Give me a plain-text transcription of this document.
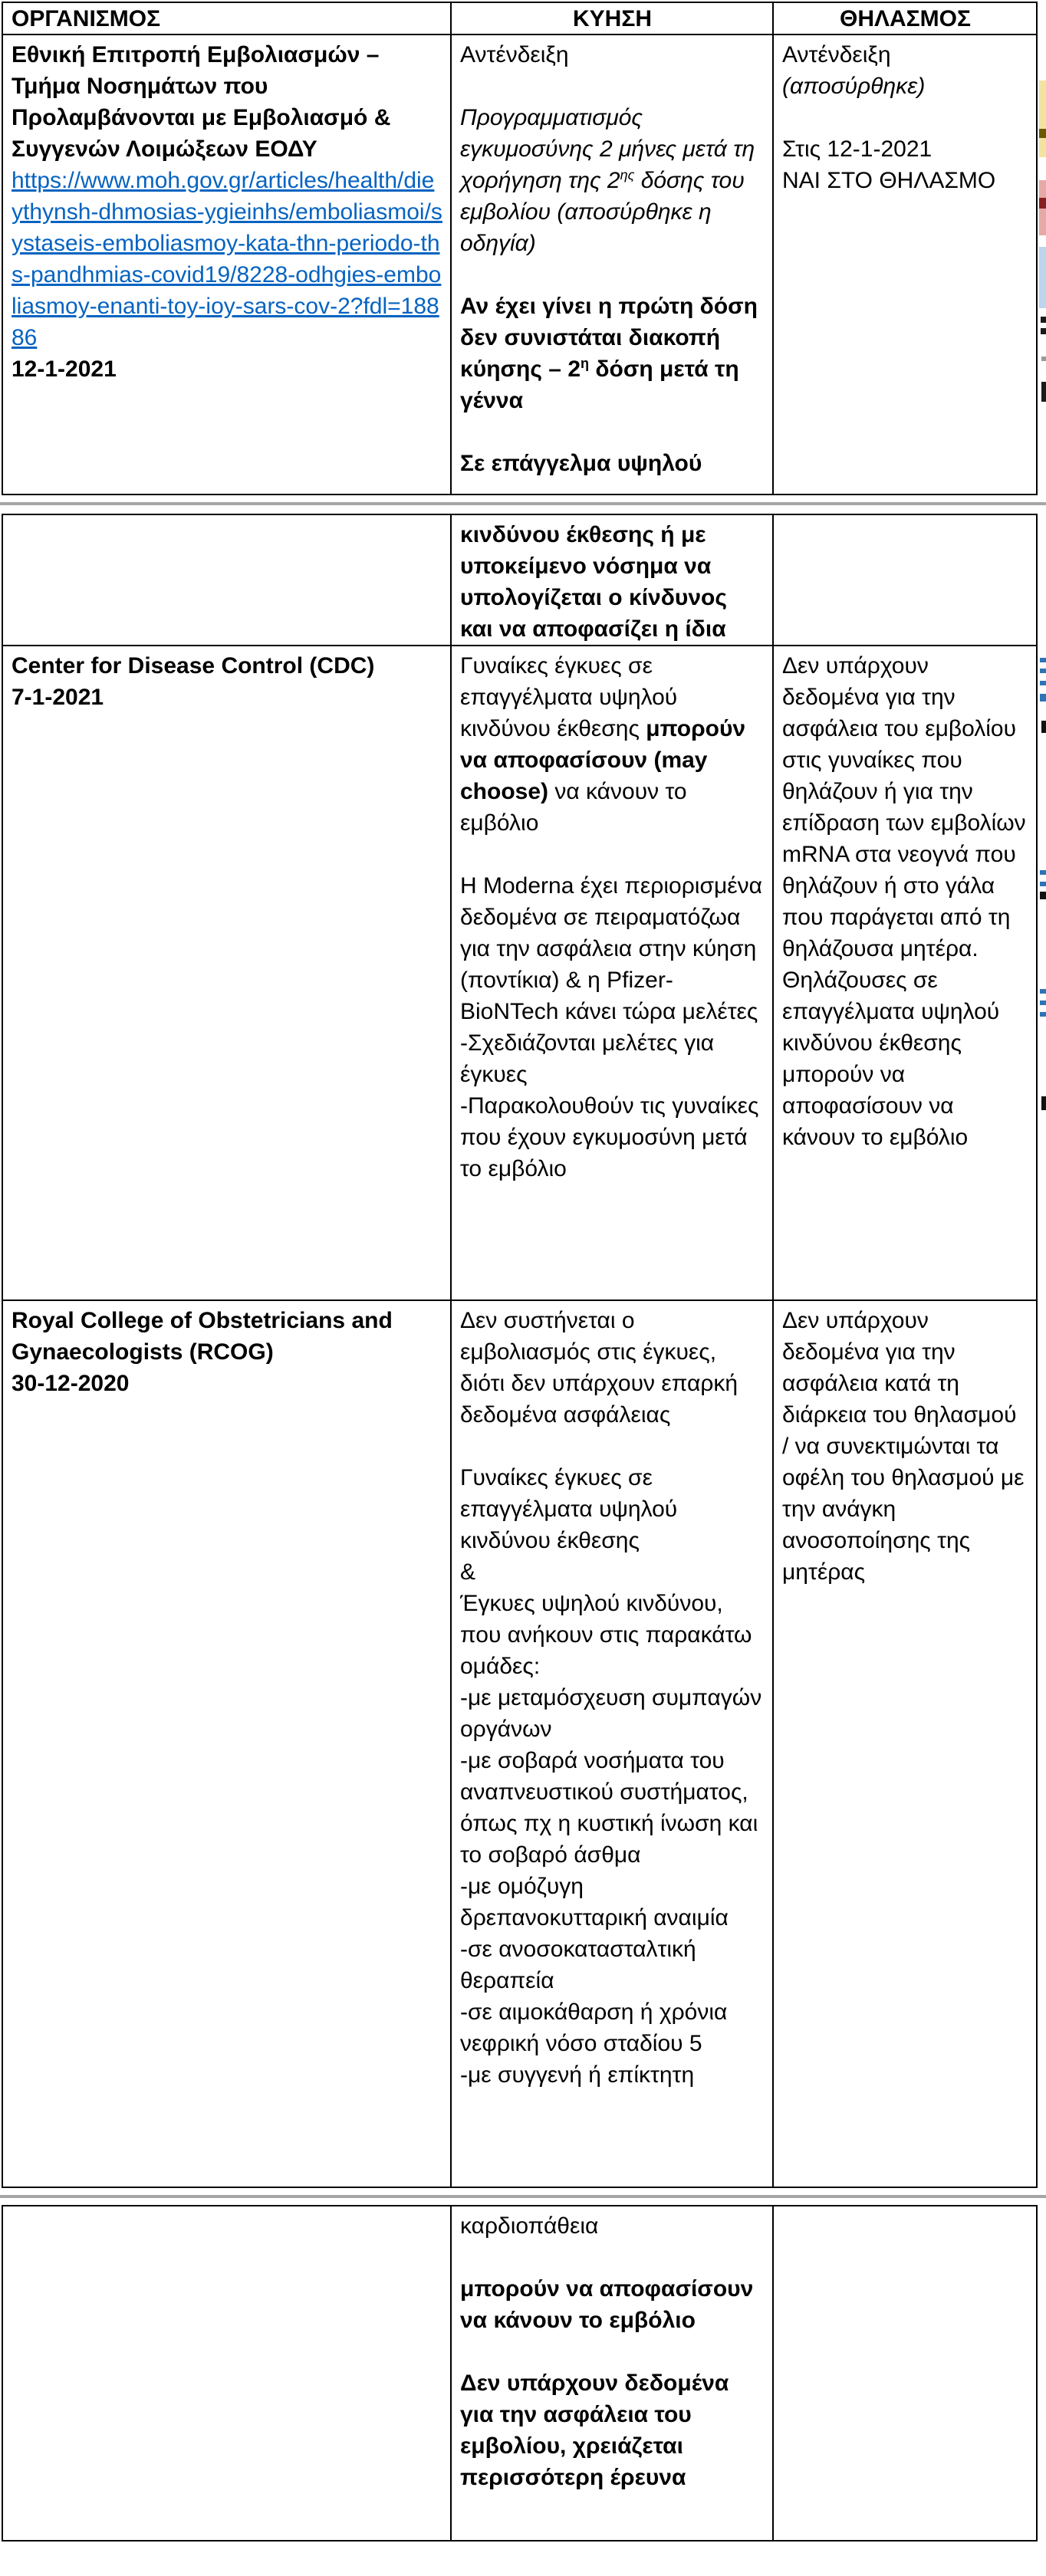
ΟΡΓΑΝΙΣΜΟΣ	ΚΥΗΣΗ	ΘΗΛΑΣΜΟΣ

Εθνική Επιτροπή Εμβολιασμών – Τμήμα Νοσημάτων που Προλαμβάνονται με Εμβολιασμό & Συγγενών Λοιμώξεων ΕΟΔΥ

https://www.moh.gov.gr/articles/health/dieythynsh-dhmosias-ygieinhs/emboliasmoi/systaseis-emboliasmoy-kata-thn-periodo-ths-pandhmias-covid19/8228-odhgies-emboliasmoy-enanti-toy-ioy-sars-cov-2?fdl=18886

12-1-2021

Αντένδειξη

Προγραμματισμός εγκυμοσύνης 2 μήνες μετά τη χορήγηση της $2^{\eta\varsigma}$ δόσης του εμβολίου (αποσύρθηκε η οδηγία)

Αν έχει γίνει η πρώτη δόση δεν συνιστάται διακοπή κύησης – $2^\eta$ δόση μετά τη γέννα

Σε επάγγελμα υψηλού

Αντένδειξη

(αποσύρθηκε)

Στις 12-1-2021

ΝΑΙ ΣΤΟ ΘΗΛΑΣΜΟ

κινδύνου έκθεσης ή με υποκείμενο νόσημα να υπολογίζεται ο κίνδυνος και να αποφασίζει η ίδια

Center for Disease Control (CDC)

7-1-2021

Γυναίκες έγκυες σε επαγγέλματα υψηλού κινδύνου έκθεσης μπορούν να αποφασίσουν (may choose) να κάνουν το εμβόλιο

Η Moderna έχει περιορισμένα δεδομένα σε πειραματόζωα για την ασφάλεια στην κύηση (ποντίκια) & η Pfizer-BioNTech κάνει τώρα μελέτες

-Σχεδιάζονται μελέτες για έγκυες

-Παρακολουθούν τις γυναίκες που έχουν εγκυμοσύνη μετά το εμβόλιο

Δεν υπάρχουν δεδομένα για την ασφάλεια του εμβολίου στις γυναίκες που θηλάζουν ή για την επίδραση των εμβολίων mRNA στα νεογνά που θηλάζουν ή στο γάλα που παράγεται από τη θηλάζουσα μητέρα.

Θηλάζουσες σε επαγγέλματα υψηλού κινδύνου έκθεσης μπορούν να αποφασίσουν να κάνουν το εμβόλιο

Royal College of Obstetricians and Gynaecologists (RCOG)

30-12-2020

Δεν συστήνεται ο εμβολιασμός στις έγκυες, διότι δεν υπάρχουν επαρκή δεδομένα ασφάλειας

Γυναίκες έγκυες σε επαγγέλματα υψηλού κινδύνου έκθεσης

&

Έγκυες υψηλού κινδύνου, που ανήκουν στις παρακάτω ομάδες:

-με μεταμόσχευση συμπαγών οργάνων

-με σοβαρά νοσήματα του αναπνευστικού συστήματος, όπως πχ η κυστική ίνωση και το σοβαρό άσθμα

-με ομόζυγη δρεπανοκυτταρική αναιμία

-σε ανοσοκατασταλτική θεραπεία

-σε αιμοκάθαρση ή χρόνια νεφρική νόσο σταδίου 5

-με συγγενή ή επίκτητη

Δεν υπάρχουν δεδομένα για την ασφάλεια κατά τη διάρκεια του θηλασμού / να συνεκτιμώνται τα οφέλη του θηλασμού με την ανάγκη ανοσοποίησης της μητέρας

καρδιοπάθεια

μπορούν να αποφασίσουν να κάνουν το εμβόλιο

Δεν υπάρχουν δεδομένα για την ασφάλεια του εμβολίου, χρειάζεται περισσότερη έρευνα
